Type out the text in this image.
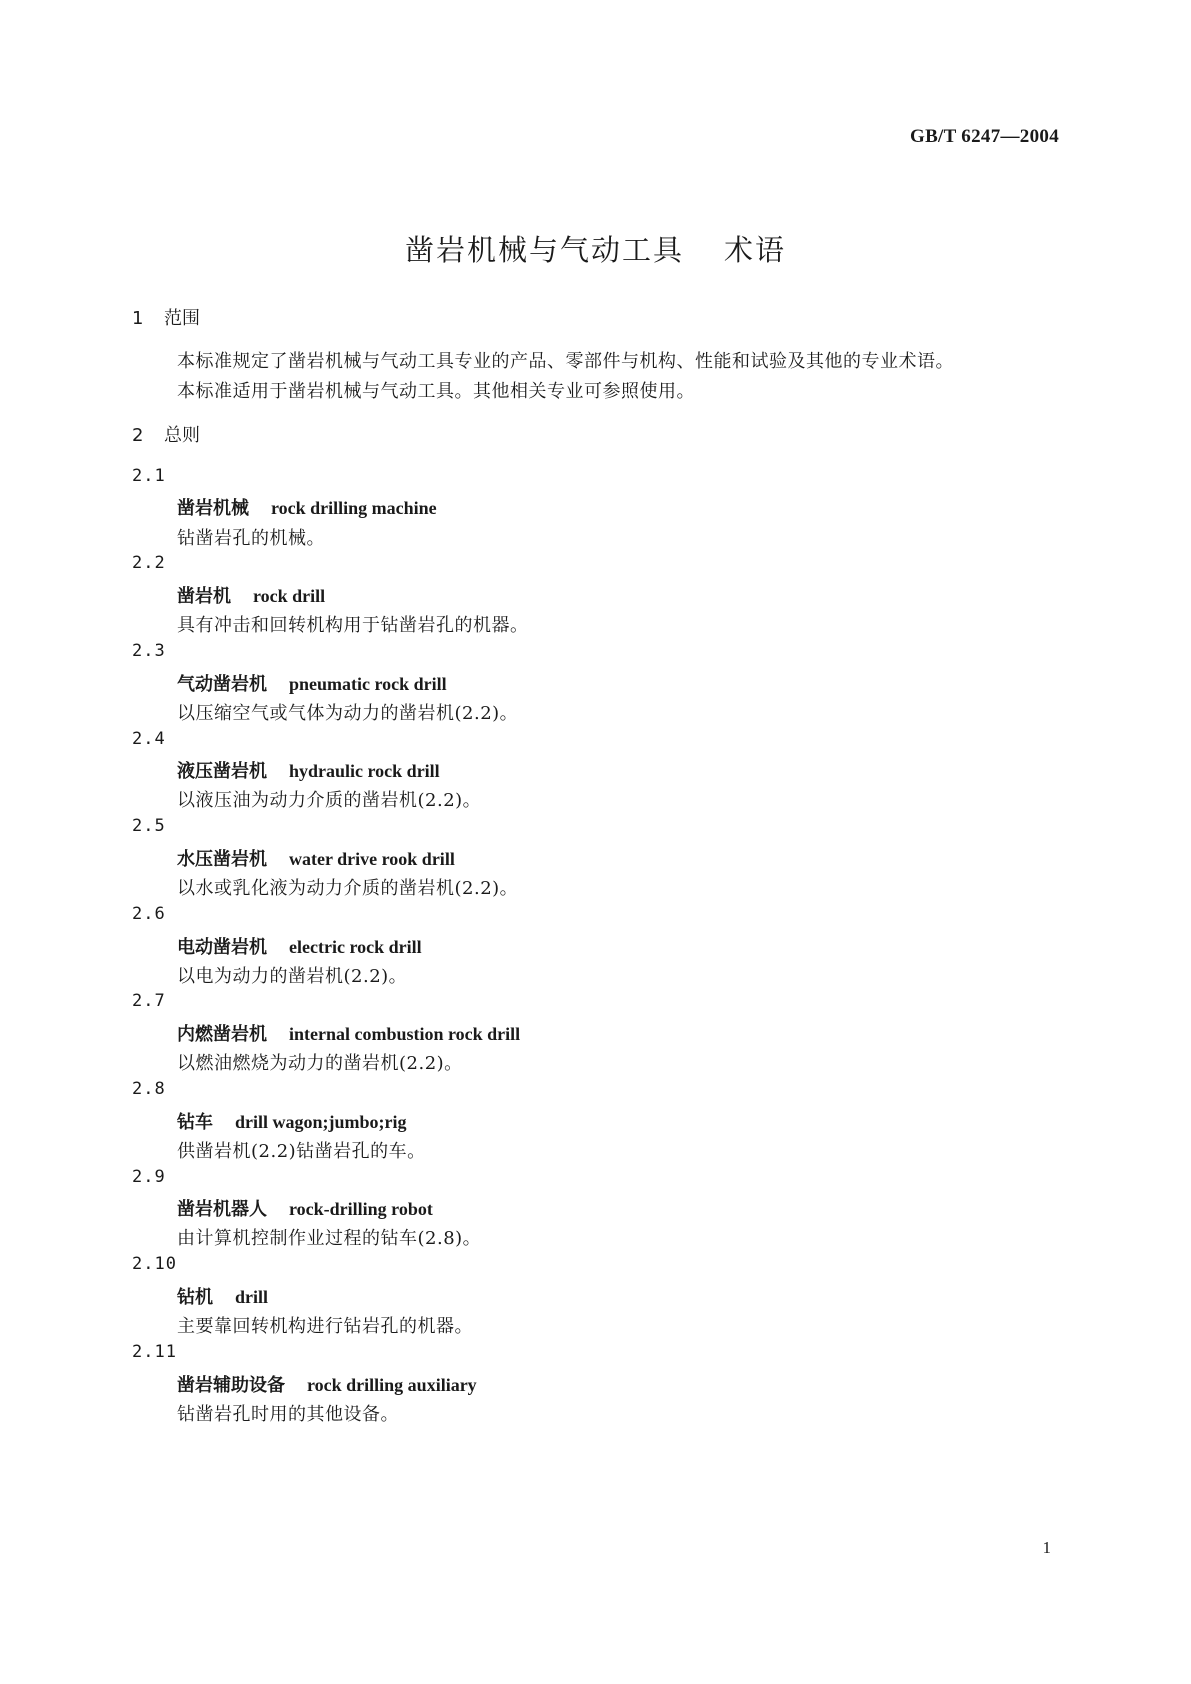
GB/T 6247—2004
凿岩机械与气动工具 术语
1 范围
本标准规定了凿岩机械与气动工具专业的产品、零部件与机构、性能和试验及其他的专业术语。
本标准适用于凿岩机械与气动工具。其他相关专业可参照使用。
2 总则
2.1
凿岩机械 rock drilling machine
钻凿岩孔的机械。
2.2
凿岩机 rock drill
具有冲击和回转机构用于钻凿岩孔的机器。
2.3
气动凿岩机 pneumatic rock drill
以压缩空气或气体为动力的凿岩机(2.2)。
2.4
液压凿岩机 hydraulic rock drill
以液压油为动力介质的凿岩机(2.2)。
2.5
水压凿岩机 water drive rook drill
以水或乳化液为动力介质的凿岩机(2.2)。
2.6
电动凿岩机 electric rock drill
以电为动力的凿岩机(2.2)。
2.7
内燃凿岩机 internal combustion rock drill
以燃油燃烧为动力的凿岩机(2.2)。
2.8
钻车 drill wagon;jumbo;rig
供凿岩机(2.2)钻凿岩孔的车。
2.9
凿岩机器人 rock-drilling robot
由计算机控制作业过程的钻车(2.8)。
2.10
钻机 drill
主要靠回转机构进行钻岩孔的机器。
2.11
凿岩辅助设备 rock drilling auxiliary
钻凿岩孔时用的其他设备。
1
